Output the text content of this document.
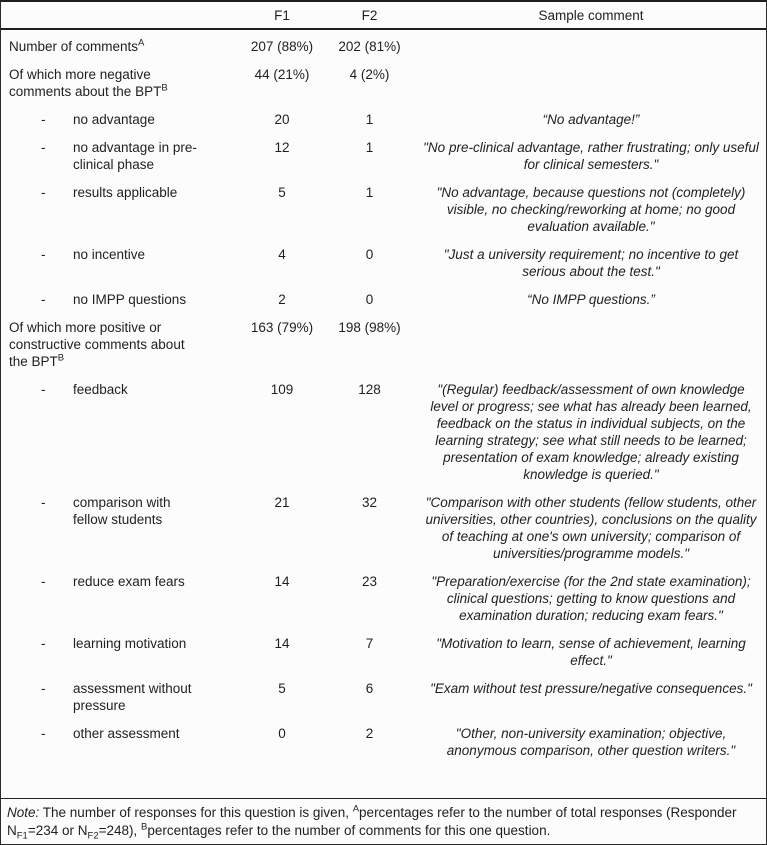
	F1	F2	Sample comment
Number of comments$^A$	207 (88%)	202 (81%)	
Of which more negative comments about the BPT$^B$	44 (21%)	4 (2%)	

- no advantage	20	1	“No advantage!”

- no advantage in pre-clinical phase	12	1	"No pre-clinical advantage, rather frustrating; only useful for clinical semesters."

- results applicable	5	1	"No advantage, because questions not (completely) visible, no checking/reworking at home; no good evaluation available."

- no incentive	4	0	"Just a university requirement; no incentive to get serious about the test."

- no IMPP questions	2	0	“No IMPP questions.”
Of which more positive or constructive comments about the BPT$^B$	163 (79%)	198 (98%)	

- feedback	109	128	"(Regular) feedback/assessment of own knowledge level or progress; see what has already been learned, feedback on the status in individual subjects, on the learning strategy; see what still needs to be learned; presentation of exam knowledge; already existing knowledge is queried."

- comparison with fellow students	21	32	"Comparison with other students (fellow students, other universities, other countries), conclusions on the quality of teaching at one's own university; comparison of universities/programme models."

- reduce exam fears	14	23	"Preparation/exercise (for the 2nd state examination); clinical questions; getting to know questions and examination duration; reducing exam fears."

- learning motivation	14	7	"Motivation to learn, sense of achievement, learning effect."

- assessment without pressure	5	6	"Exam without test pressure/negative consequences."

- other assessment	0	2	"Other, non-university examination; objective, anonymous comparison, other question writers."
Note: The number of responses for this question is given, $^A$percentages refer to the number of total responses (Responder $N_{F1}=234$ or $N_{F2}=248$), $^B$percentages refer to the number of comments for this one question.
